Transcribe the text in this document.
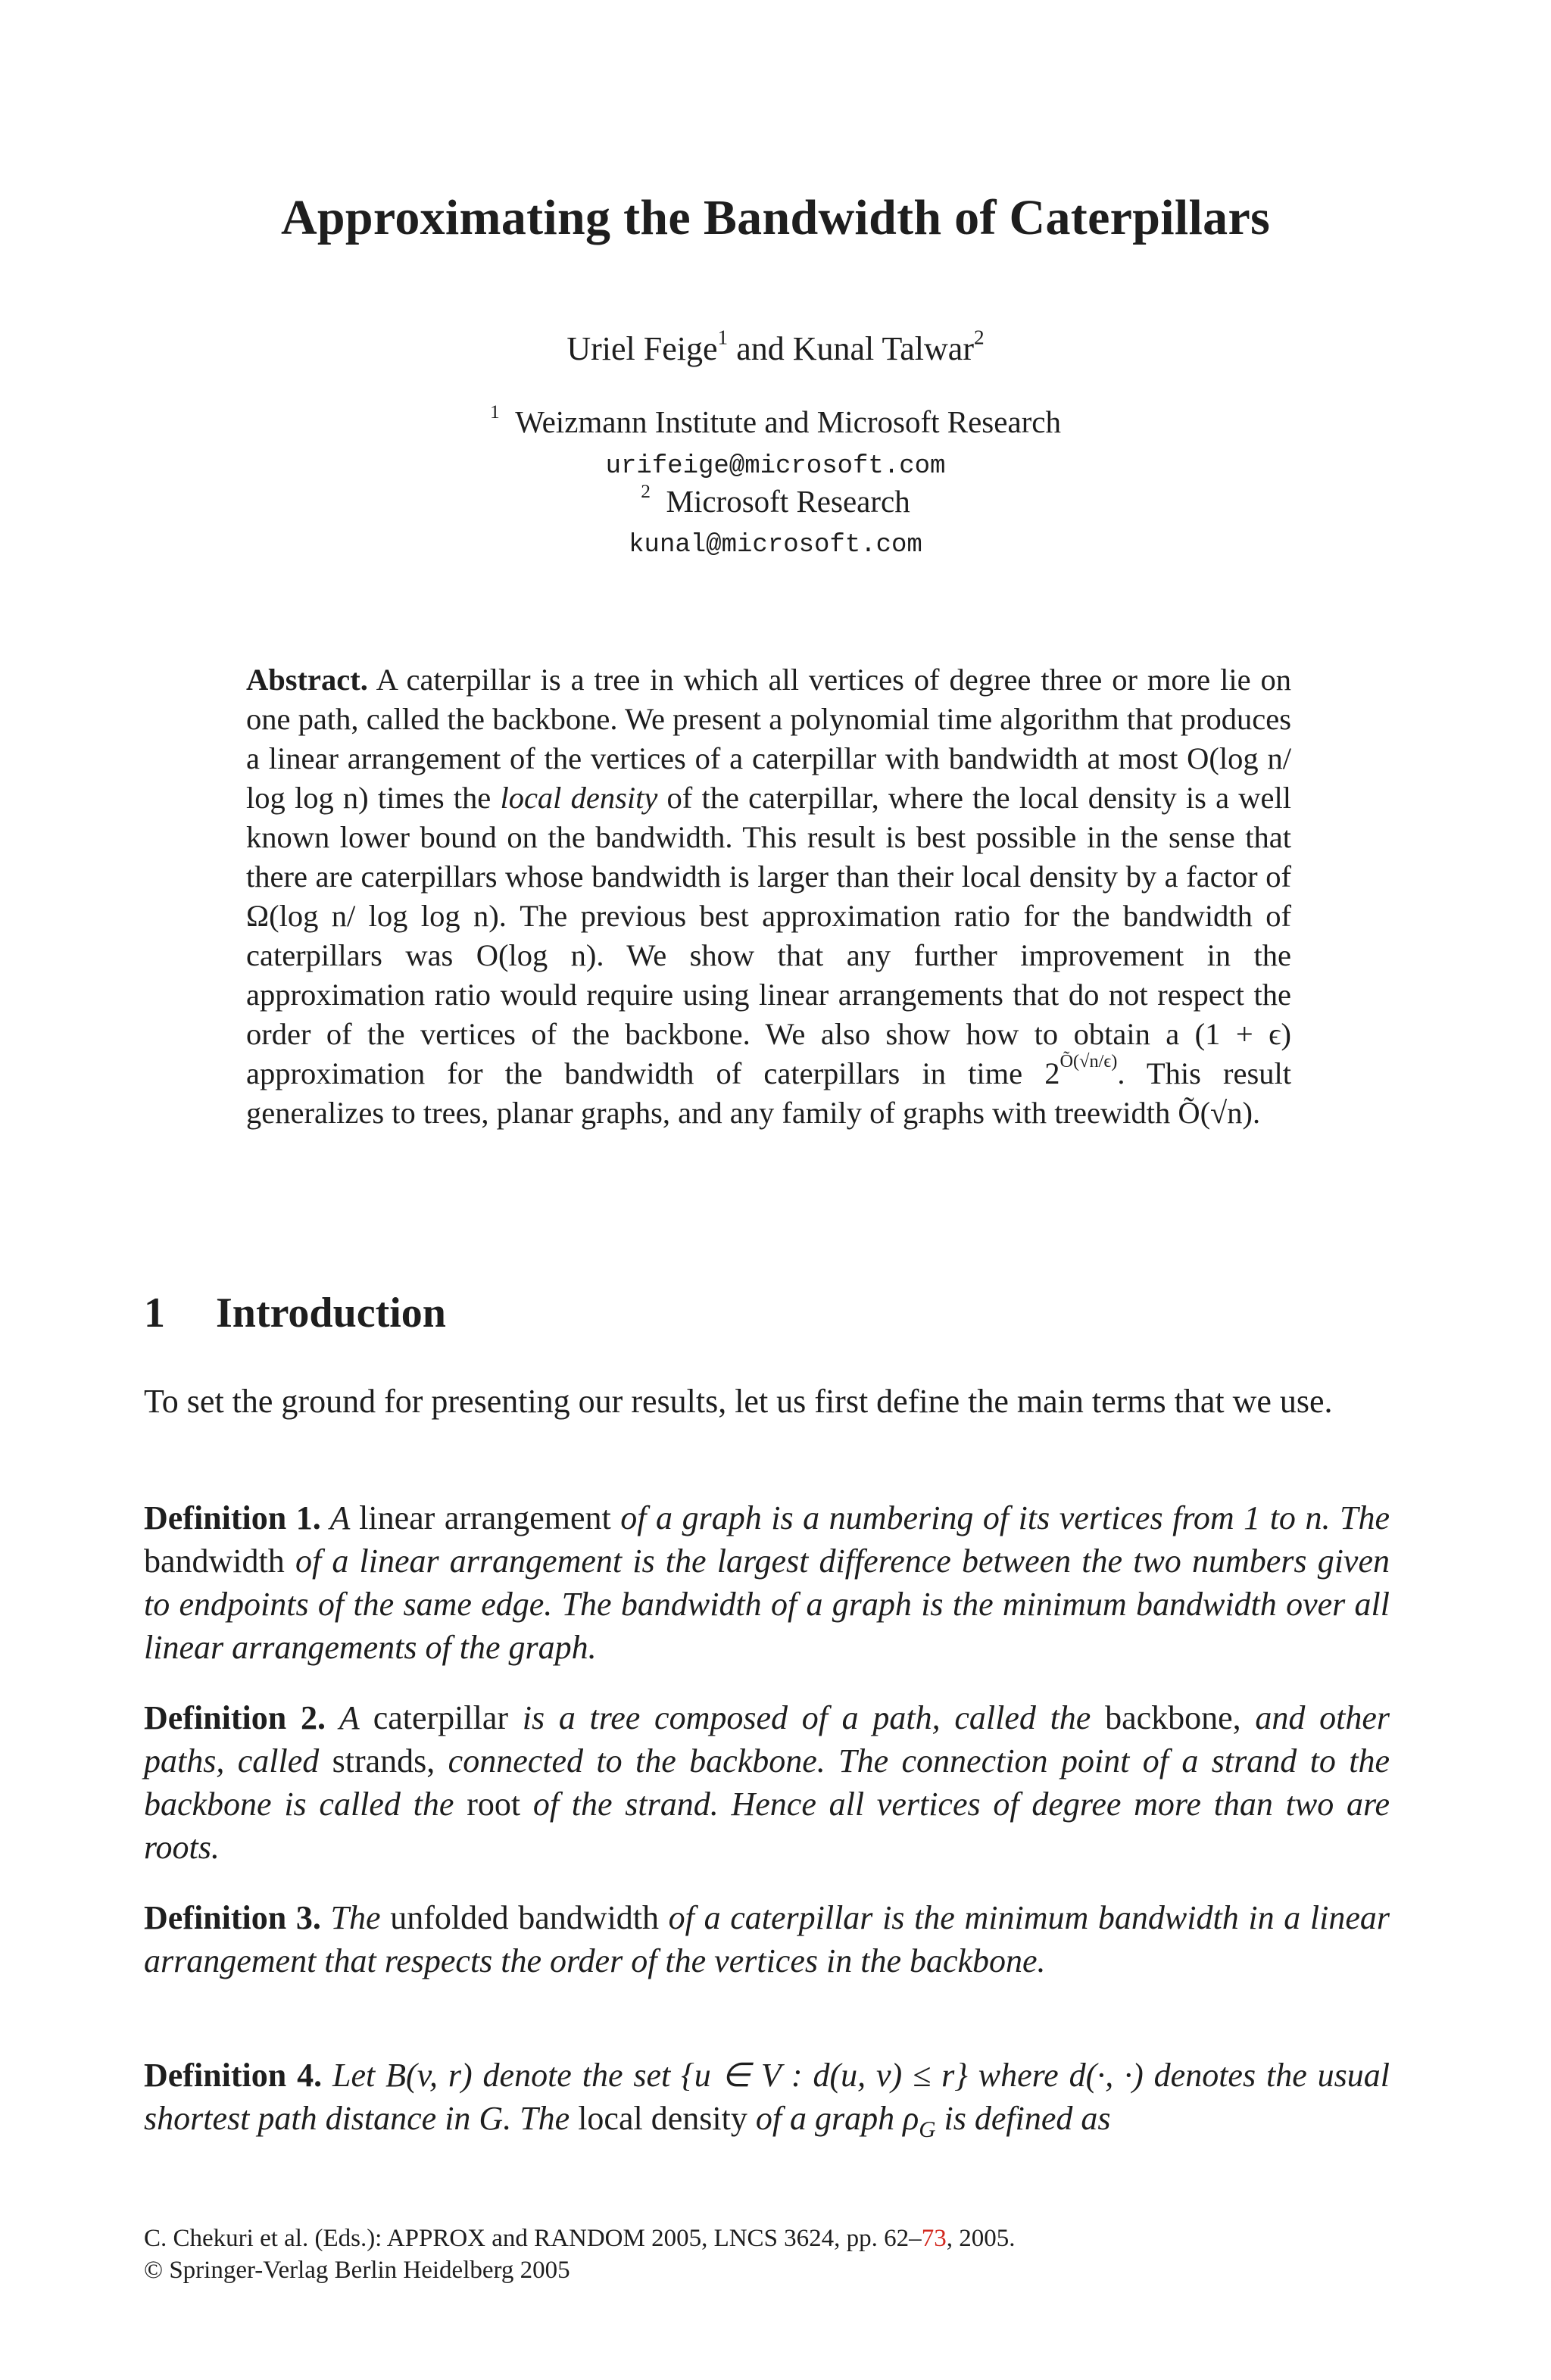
Approximating the Bandwidth of Caterpillars
Uriel Feige$^1$ and Kunal Talwar$^2$
$^1$ Weizmann Institute and Microsoft Research
urifeige@microsoft.com
$^2$ Microsoft Research
kunal@microsoft.com
Abstract. A caterpillar is a tree in which all vertices of degree three or more lie on one path, called the backbone. We present a polynomial time algorithm that produces a linear arrangement of the vertices of a caterpillar with bandwidth at most O(log n/ log log n) times the local density of the caterpillar, where the local density is a well known lower bound on the bandwidth. This result is best possible in the sense that there are caterpillars whose bandwidth is larger than their local density by a factor of Ω(log n/ log log n). The previous best approximation ratio for the bandwidth of caterpillars was O(log n). We show that any further improvement in the approximation ratio would require using linear arrangements that do not respect the order of the vertices of the backbone. We also show how to obtain a (1 + ϵ) approximation for the bandwidth of caterpillars in time $2^{Õ(√n/\epsilon)}$. This result generalizes to trees, planar graphs, and any family of graphs with treewidth Õ(√n).
1 Introduction
To set the ground for presenting our results, let us first define the main terms that we use.
Definition 1. A linear arrangement of a graph is a numbering of its vertices from 1 to n. The bandwidth of a linear arrangement is the largest difference between the two numbers given to endpoints of the same edge. The bandwidth of a graph is the minimum bandwidth over all linear arrangements of the graph.
Definition 2. A caterpillar is a tree composed of a path, called the backbone, and other paths, called strands, connected to the backbone. The connection point of a strand to the backbone is called the root of the strand. Hence all vertices of degree more than two are roots.
Definition 3. The unfolded bandwidth of a caterpillar is the minimum bandwidth in a linear arrangement that respects the order of the vertices in the backbone.
Definition 4. Let B(v, r) denote the set {u ∈ V : d(u, v) ≤ r} where d(·, ·) denotes the usual shortest path distance in G. The local density of a graph $\rho_G$ is defined as
C. Chekuri et al. (Eds.): APPROX and RANDOM 2005, LNCS 3624, pp. 62–73, 2005.
© Springer-Verlag Berlin Heidelberg 2005
